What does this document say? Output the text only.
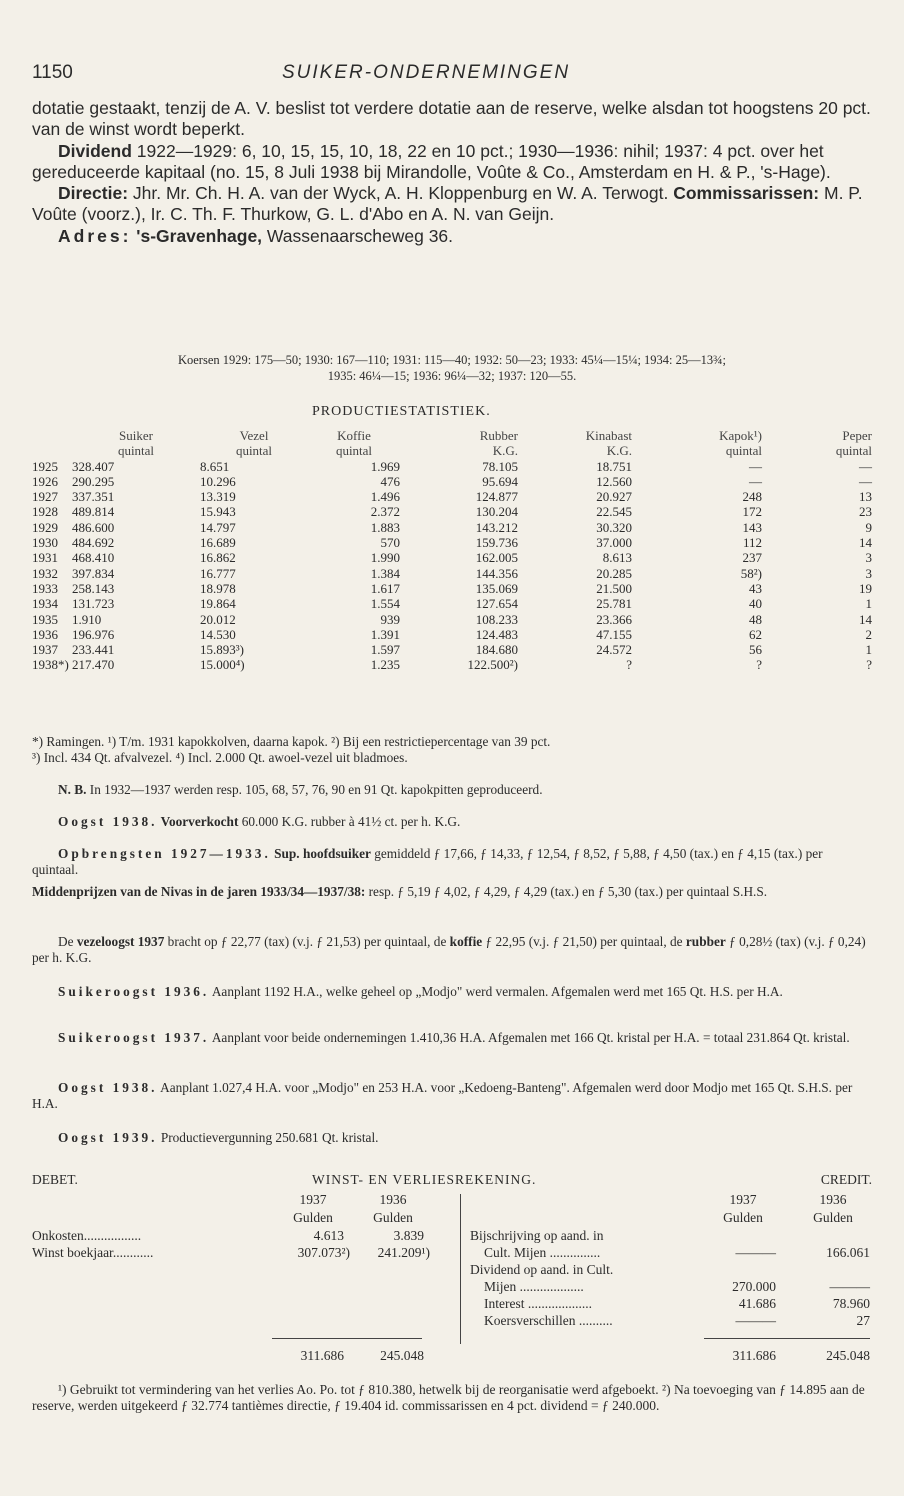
1150	SUIKER-ONDERNEMINGEN

dotatie gestaakt, tenzij de A. V. beslist tot verdere dotatie aan de reserve, welke alsdan tot hoogstens 20 pct. van de winst wordt beperkt.

Dividend 1922—1929: 6, 10, 15, 15, 10, 18, 22 en 10 pct.; 1930—1936: nihil; 1937: 4 pct. over het gereduceerde kapitaal (no. 15, 8 Juli 1938 bij Mirandolle, Voûte & Co., Amsterdam en H. & P., 's-Hage).

Directie: Jhr. Mr. Ch. H. A. van der Wyck, A. H. Kloppenburg en W. A. Terwogt. Commissarissen: M. P. Voûte (voorz.), Ir. C. Th. F. Thurkow, G. L. d'Abo en A. N. van Geijn.

Adres: 's-Gravenhage, Wassenaarscheweg 36.

Koersen 1929: 175—50; 1930: 167—110; 1931: 115—40; 1932: 50—23; 1933: 45¼—15¼; 1934: 25—13¾;
1935: 46¼—15; 1936: 96¼—32; 1937: 120—55.
PRODUCTIESTATISTIEK.
	Suiker	Vezel	Koffie	Rubber	Kinabast	Kapok¹)	Peper
	quintal	quintal	quintal	K.G.	K.G.	quintal	quintal
1925	328.407	8.651	1.969	78.105	18.751	—	—
1926	290.295	10.296	476	95.694	12.560	—	—
1927	337.351	13.319	1.496	124.877	20.927	248	13
1928	489.814	15.943	2.372	130.204	22.545	172	23
1929	486.600	14.797	1.883	143.212	30.320	143	9
1930	484.692	16.689	570	159.736	37.000	112	14
1931	468.410	16.862	1.990	162.005	8.613	237	3
1932	397.834	16.777	1.384	144.356	20.285	58²)	3
1933	258.143	18.978	1.617	135.069	21.500	43	19
1934	131.723	19.864	1.554	127.654	25.781	40	1
1935	1.910	20.012	939	108.233	23.366	48	14
1936	196.976	14.530	1.391	124.483	47.155	62	2
1937	233.441	15.893³)	1.597	184.680	24.572	56	1
1938*)	217.470	15.000⁴)	1.235	122.500²)	?	?	?

*) Ramingen. ¹) T/m. 1931 kapokkolven, daarna kapok. ²) Bij een restrictiepercentage van 39 pct.

³) Incl. 434 Qt. afvalvezel. ⁴) Incl. 2.000 Qt. awoel-vezel uit bladmoes.

N. B. In 1932—1937 werden resp. 105, 68, 57, 76, 90 en 91 Qt. kapokpitten geproduceerd.

Oogst 1938. Voorverkocht 60.000 K.G. rubber à 41½ ct. per h. K.G.

Opbrengsten 1927—1933. Sup. hoofdsuiker gemiddeld ƒ 17,66, ƒ 14,33, ƒ 12,54, ƒ 8,52, ƒ 5,88, ƒ 4,50 (tax.) en ƒ 4,15 (tax.) per quintaal.

Middenprijzen van de Nivas in de jaren 1933/34—1937/38: resp. ƒ 5,19 ƒ 4,02, ƒ 4,29, ƒ 4,29 (tax.) en ƒ 5,30 (tax.) per quintaal S.H.S.

De vezeloogst 1937 bracht op ƒ 22,77 (tax) (v.j. ƒ 21,53) per quintaal, de koffie ƒ 22,95 (v.j. ƒ 21,50) per quintaal, de rubber ƒ 0,28½ (tax) (v.j. ƒ 0,24) per h. K.G.

Suikeroogst 1936. Aanplant 1192 H.A., welke geheel op „Modjo" werd vermalen. Afgemalen werd met 165 Qt. H.S. per H.A.

Suikeroogst 1937. Aanplant voor beide ondernemingen 1.410,36 H.A. Afgemalen met 166 Qt. kristal per H.A. = totaal 231.864 Qt. kristal.

Oogst 1938. Aanplant 1.027,4 H.A. voor „Modjo" en 253 H.A. voor „Kedoeng-Banteng". Afgemalen werd door Modjo met 165 Qt. S.H.S. per H.A.

Oogst 1939. Productievergunning 250.681 Qt. kristal.

DEBET.	WINST- EN VERLIESREKENING.	CREDIT.
1937	1936
Gulden	Gulden
Onkosten.................	4.613	3.839
Winst boekjaar............	307.073²)	241.209¹)
311.686	245.048
1937	1936
Gulden	Gulden
Bijschrijving op aand. in
Cult. Mijen ...............	———	166.061
Dividend op aand. in Cult.
Mijen ...................	270.000	———
Interest ...................	41.686	78.960
Koersverschillen ..........	———	27
311.686	245.048

¹) Gebruikt tot vermindering van het verlies Ao. Po. tot ƒ 810.380, hetwelk bij de reorganisatie werd afgeboekt. ²) Na toevoeging van ƒ 14.895 aan de reserve, werden uitgekeerd ƒ 32.774 tantièmes directie, ƒ 19.404 id. commissarissen en 4 pct. dividend = ƒ 240.000.
